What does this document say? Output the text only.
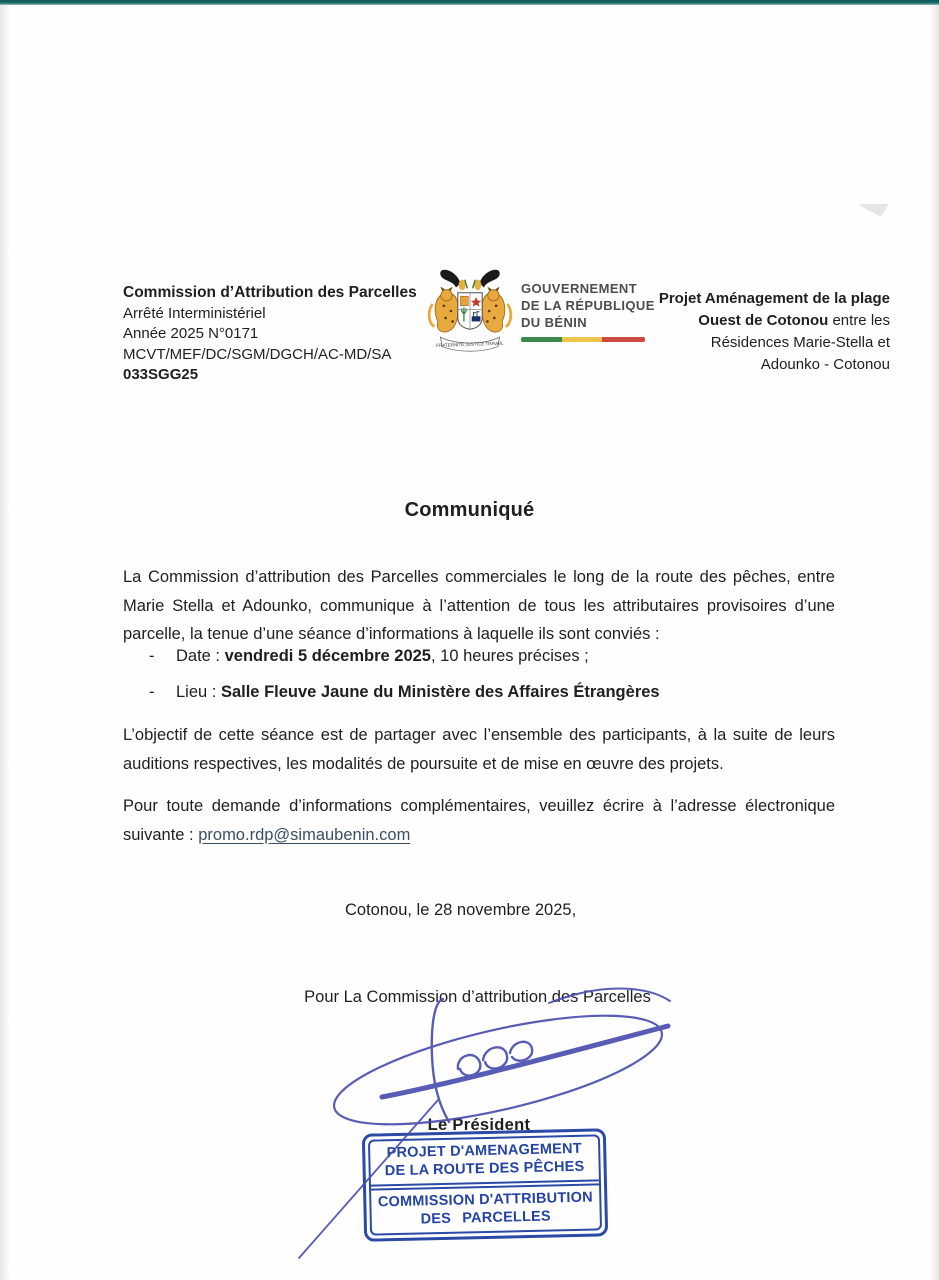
Commission d’Attribution des Parcelles
Arrêté Interministériel
Année 2025 N°0171
MCVT/MEF/DC/SGM/DGCH/AC-MD/SA
033SGG25
FRATERNITÉ JUSTICE TRAVAIL
GOUVERNEMENT
DE LA RÉPUBLIQUE
DU BÉNIN
Projet Aménagement de la plage Ouest de Cotonou entre les Résidences Marie-Stella et Adounko - Cotonou
Communiqué
La Commission d’attribution des Parcelles commerciales le long de la route des pêches, entre Marie Stella et Adounko, communique à l’attention de tous les attributaires provisoires d’une parcelle, la tenue d’une séance d’informations à laquelle ils sont conviés :
-	Date : vendredi 5 décembre 2025, 10 heures précises ;
-	Lieu : Salle Fleuve Jaune du Ministère des Affaires Étrangères
L’objectif de cette séance est de partager avec l’ensemble des participants, à la suite de leurs auditions respectives, les modalités de poursuite et de mise en œuvre des projets.
Pour toute demande d’informations complémentaires, veuillez écrire à l’adresse électronique suivante : promo.rdp@simaubenin.com
Cotonou, le 28 novembre 2025,
Pour La Commission d’attribution des Parcelles
Le Président
PROJET D'AMENAGEMENT
DE LA ROUTE DES PÊCHES
COMMISSION D'ATTRIBUTION
DES PARCELLES
